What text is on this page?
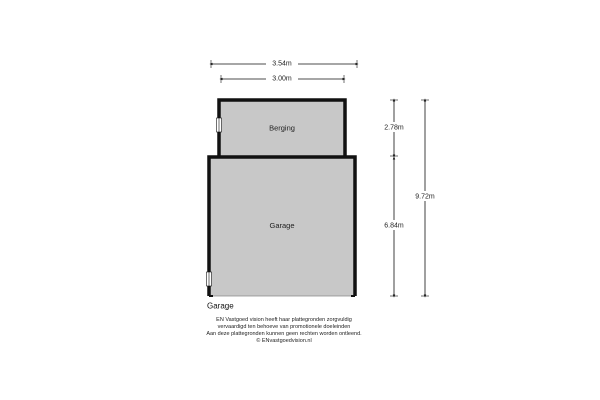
3.54m
3.00m
Berging
Garage
2.78m
6.84m
9.72m
Garage
EN Vastgoed vision heeft haar plattegronden zorgvuldig
vervaardigd ten behoeve van promotionele doeleinden
Aan deze plattegronden kunnen geen rechten worden ontleend.
© ENvastgoedvision.nl
